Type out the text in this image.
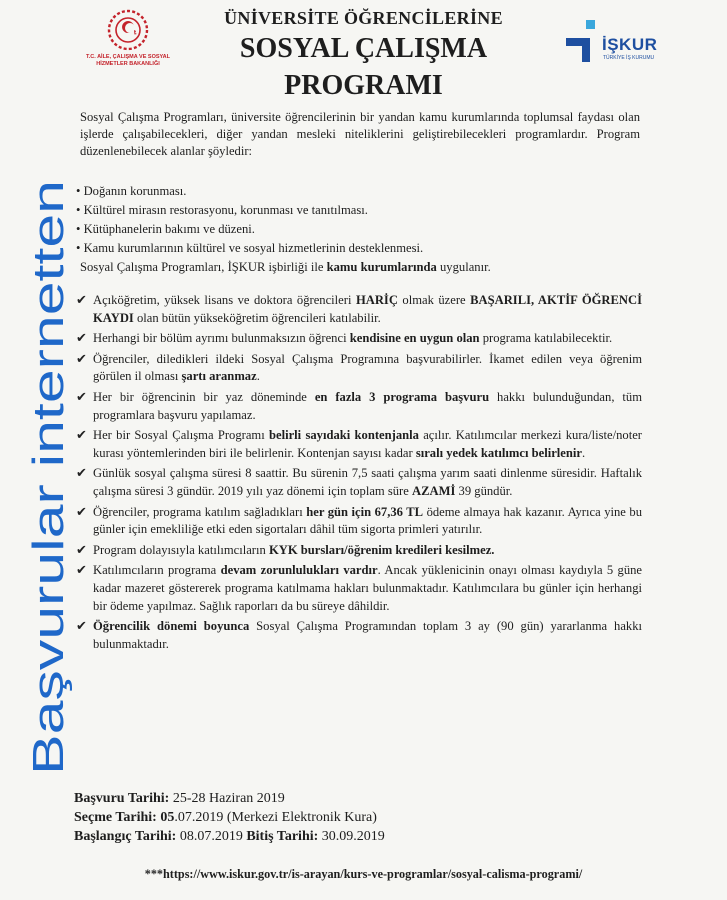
T.C. AİLE, ÇALIŞMA VE SOSYAL HİZMETLER BAKANLIĞI
ÜNİVERSİTE ÖĞRENCİLERİNE
SOSYAL ÇALIŞMA
PROGRAMI
İŞKUR
TÜRKİYE İŞ KURUMU
Başvurular internetten
Sosyal Çalışma Programları, üniversite öğrencilerinin bir yandan kamu kurumlarında toplumsal faydası olan işlerde çalışabilecekleri, diğer yandan mesleki niteliklerini geliştirebilecekleri programlardır. Program düzenlenebilecek alanlar şöyledir:
• Doğanın korunması.
• Kültürel mirasın restorasyonu, korunması ve tanıtılması.
• Kütüphanelerin bakımı ve düzeni.
• Kamu kurumlarının kültürel ve sosyal hizmetlerinin desteklenmesi.
Sosyal Çalışma Programları, İŞKUR işbirliği ile kamu kurumlarında uygulanır.
✔ Açıköğretim, yüksek lisans ve doktora öğrencileri HARİÇ olmak üzere BAŞARILI, AKTİF ÖĞRENCİ KAYDI olan bütün yükseköğretim öğrencileri katılabilir.
✔ Herhangi bir bölüm ayrımı bulunmaksızın öğrenci kendisine en uygun olan programa katılabilecektir.
✔ Öğrenciler, diledikleri ildeki Sosyal Çalışma Programına başvurabilirler. İkamet edilen veya öğrenim görülen il olması şartı aranmaz.
✔ Her bir öğrencinin bir yaz döneminde en fazla 3 programa başvuru hakkı bulunduğundan, tüm programlara başvuru yapılamaz.
✔ Her bir Sosyal Çalışma Programı belirli sayıdaki kontenjanla açılır. Katılımcılar merkezi kura/liste/noter kurası yöntemlerinden biri ile belirlenir. Kontenjan sayısı kadar sıralı yedek katılımcı belirlenir.
✔ Günlük sosyal çalışma süresi 8 saattir. Bu sürenin 7,5 saati çalışma yarım saati dinlenme süresidir. Haftalık çalışma süresi 3 gündür. 2019 yılı yaz dönemi için toplam süre AZAMİ 39 gündür.
✔ Öğrenciler, programa katılım sağladıkları her gün için 67,36 TL ödeme almaya hak kazanır. Ayrıca yine bu günler için emekliliğe etki eden sigortaları dâhil tüm sigorta primleri yatırılır.
✔ Program dolayısıyla katılımcıların KYK bursları/öğrenim kredileri kesilmez.
✔ Katılımcıların programa devam zorunlulukları vardır. Ancak yüklenicinin onayı olması kaydıyla 5 güne kadar mazeret göstererek programa katılmama hakları bulunmaktadır. Katılımcılara bu günler için herhangi bir ödeme yapılmaz. Sağlık raporları da bu süreye dâhildir.
✔ Öğrencilik dönemi boyunca Sosyal Çalışma Programından toplam 3 ay (90 gün) yararlanma hakkı bulunmaktadır.
Başvuru Tarihi: 25-28 Haziran 2019
Seçme Tarihi: 05.07.2019 (Merkezi Elektronik Kura)
Başlangıç Tarihi: 08.07.2019 Bitiş Tarihi: 30.09.2019
***https://www.iskur.gov.tr/is-arayan/kurs-ve-programlar/sosyal-calisma-programi/
